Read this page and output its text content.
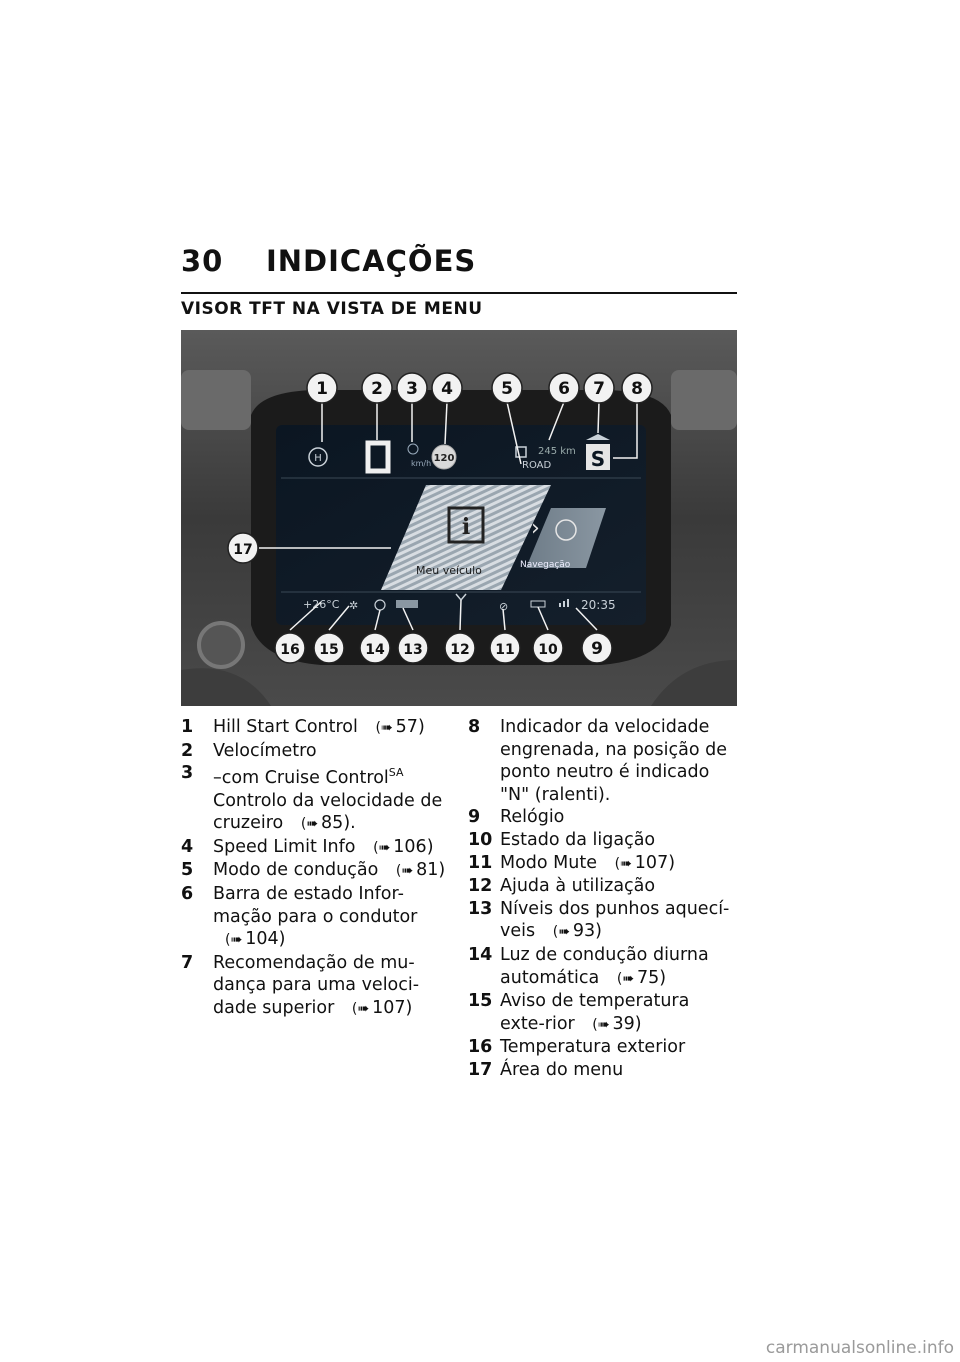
30 INDICAÇÕES
VISOR TFT NA VISTA DE MENU
H	km/h 120
245 km
ROAD S
i
Meu veículo
›
Navegação
+26°C ✲	⊘	20:35
1	2 3 4	5	6 7 8
9
10
11
12
13
14
15
16
17
1 Hill Start Control (➠ 57)
2 Velocímetro
3 –com Cruise Control$^{SA}$
Controlo da velocidade de cruzeiro (➠ 85).
4 Speed Limit Info (➠ 106)
5 Modo de condução (➠ 81)
6 Barra de estado Infor-mação para o condutor (➠ 104)
7 Recomendação de mu-dança para uma veloci-dade superior (➠ 107)
8 Indicador da velocidade engrenada, na posição de ponto neutro é indicado "N" (ralenti).
9 Relógio
10 Estado da ligação
11 Modo Mute (➠ 107)
12 Ajuda à utilização
13 Níveis dos punhos aquecí-veis (➠ 93)
14 Luz de condução diurna automática (➠ 75)
15 Aviso de temperatura exte-rior (➠ 39)
16 Temperatura exterior
17 Área do menu
carmanualsonline.info
